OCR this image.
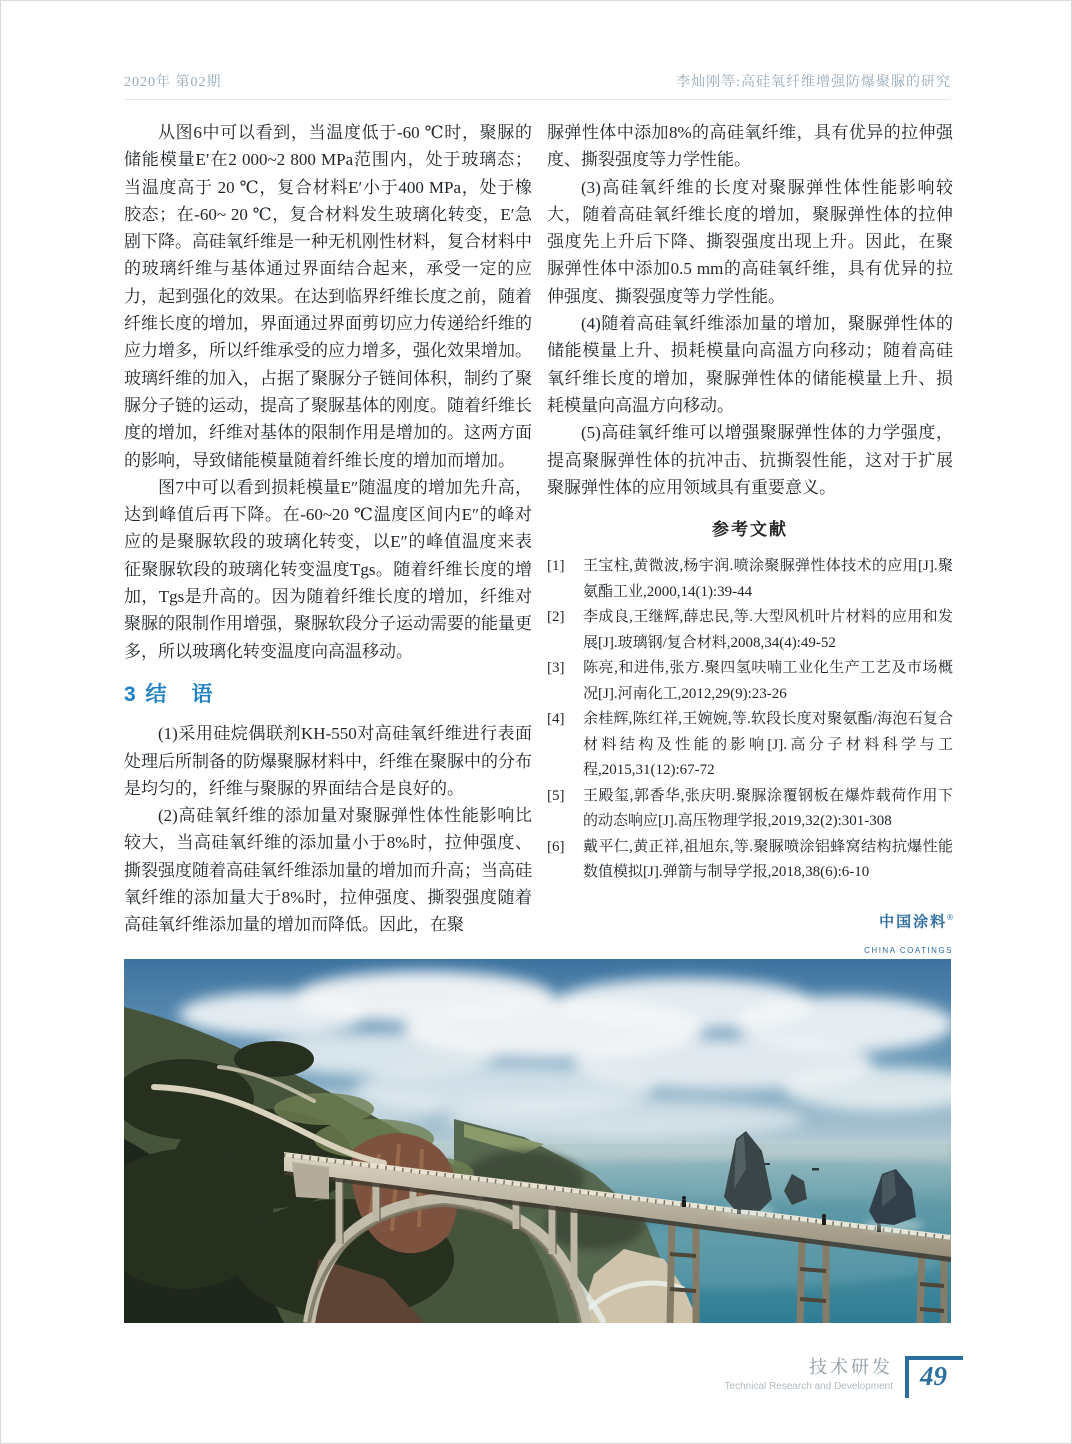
2020年 第02期	李灿刚等:高硅氧纤维增强防爆聚脲的研究

从图6中可以看到，当温度低于-60 ℃时，聚脲的储能模量E′在2 000~2 800 MPa范围内，处于玻璃态；当温度高于 20 ℃，复合材料E′小于400 MPa，处于橡胶态；在-60~ 20 ℃，复合材料发生玻璃化转变，E′急剧下降。高硅氧纤维是一种无机刚性材料，复合材料中的玻璃纤维与基体通过界面结合起来，承受一定的应力，起到强化的效果。在达到临界纤维长度之前，随着纤维长度的增加，界面通过界面剪切应力传递给纤维的应力增多，所以纤维承受的应力增多，强化效果增加。玻璃纤维的加入，占据了聚脲分子链间体积，制约了聚脲分子链的运动，提高了聚脲基体的刚度。随着纤维长度的增加，纤维对基体的限制作用是增加的。这两方面的影响，导致储能模量随着纤维长度的增加而增加。

图7中可以看到损耗模量E″随温度的增加先升高，达到峰值后再下降。在-60~20 ℃温度区间内E″的峰对应的是聚脲软段的玻璃化转变，以E″的峰值温度来表征聚脲软段的玻璃化转变温度Tgs。随着纤维长度的增加，Tgs是升高的。因为随着纤维长度的增加，纤维对聚脲的限制作用增强，聚脲软段分子运动需要的能量更多，所以玻璃化转变温度向高温移动。

3 结　语

(1)采用硅烷偶联剂KH-550对高硅氧纤维进行表面处理后所制备的防爆聚脲材料中，纤维在聚脲中的分布是均匀的，纤维与聚脲的界面结合是良好的。

(2)高硅氧纤维的添加量对聚脲弹性体性能影响比较大，当高硅氧纤维的添加量小于8%时，拉伸强度、撕裂强度随着高硅氧纤维添加量的增加而升高；当高硅氧纤维的添加量大于8%时，拉伸强度、撕裂强度随着高硅氧纤维添加量的增加而降低。因此，在聚

脲弹性体中添加8%的高硅氧纤维，具有优异的拉伸强度、撕裂强度等力学性能。

(3)高硅氧纤维的长度对聚脲弹性体性能影响较大，随着高硅氧纤维长度的增加，聚脲弹性体的拉伸强度先上升后下降、撕裂强度出现上升。因此，在聚脲弹性体中添加0.5 mm的高硅氧纤维，具有优异的拉伸强度、撕裂强度等力学性能。

(4)随着高硅氧纤维添加量的增加，聚脲弹性体的储能模量上升、损耗模量向高温方向移动；随着高硅氧纤维长度的增加，聚脲弹性体的储能模量上升、损耗模量向高温方向移动。

(5)高硅氧纤维可以增强聚脲弹性体的力学强度，提高聚脲弹性体的抗冲击、抗撕裂性能，这对于扩展聚脲弹性体的应用领域具有重要意义。

参考文献
[1]	王宝柱,黄微波,杨宇润.喷涂聚脲弹性体技术的应用[J].聚氨酯工业,2000,14(1):39-44
[2]	李成良,王继辉,薛忠民,等.大型风机叶片材料的应用和发展[J].玻璃钢/复合材料,2008,34(4):49-52
[3]	陈亮,和进伟,张方.聚四氢呋喃工业化生产工艺及市场概况[J].河南化工,2012,29(9):23-26
[4]	余桂辉,陈红祥,王婉婉,等.软段长度对聚氨酯/海泡石复合材料结构及性能的影响[J].高分子材料科学与工程,2015,31(12):67-72
[5]	王殿玺,郭香华,张庆明.聚脲涂覆钢板在爆炸载荷作用下的动态响应[J].高压物理学报,2019,32(2):301-308
[6]	戴平仁,黄正祥,祖旭东,等.聚脲喷涂铝蜂窝结构抗爆性能数值模拟[J].弹箭与制导学报,2018,38(6):6-10
中国涂料®
CHINA COATINGS
技术研发
Technical Research and Development	49
